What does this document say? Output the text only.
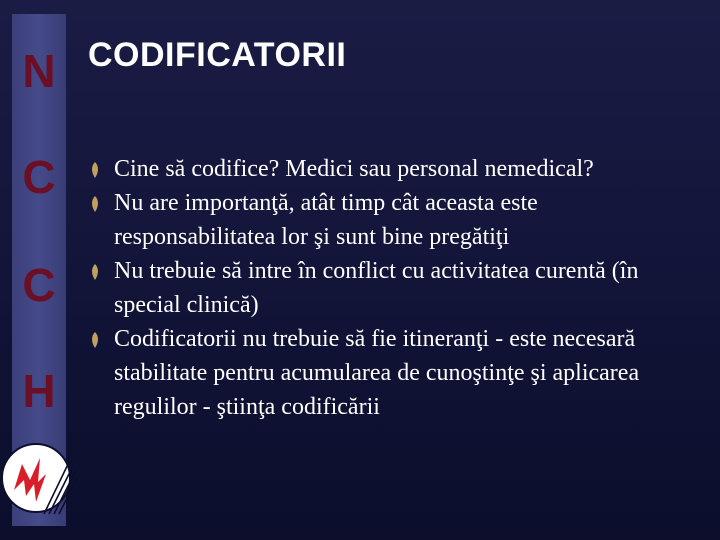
N
C
C
H
CODIFICATORII
Cine să codifice? Medici sau personal nemedical?
Nu are importanţă, atât timp cât aceasta este responsabilitatea lor şi sunt bine pregătiţi
Nu trebuie să intre în conflict cu activitatea curentă (în special clinică)
Codificatorii nu trebuie să fie itineranţi - este necesară stabilitate pentru acumularea de cunoştinţe şi aplicarea regulilor - ştiinţa codificării
